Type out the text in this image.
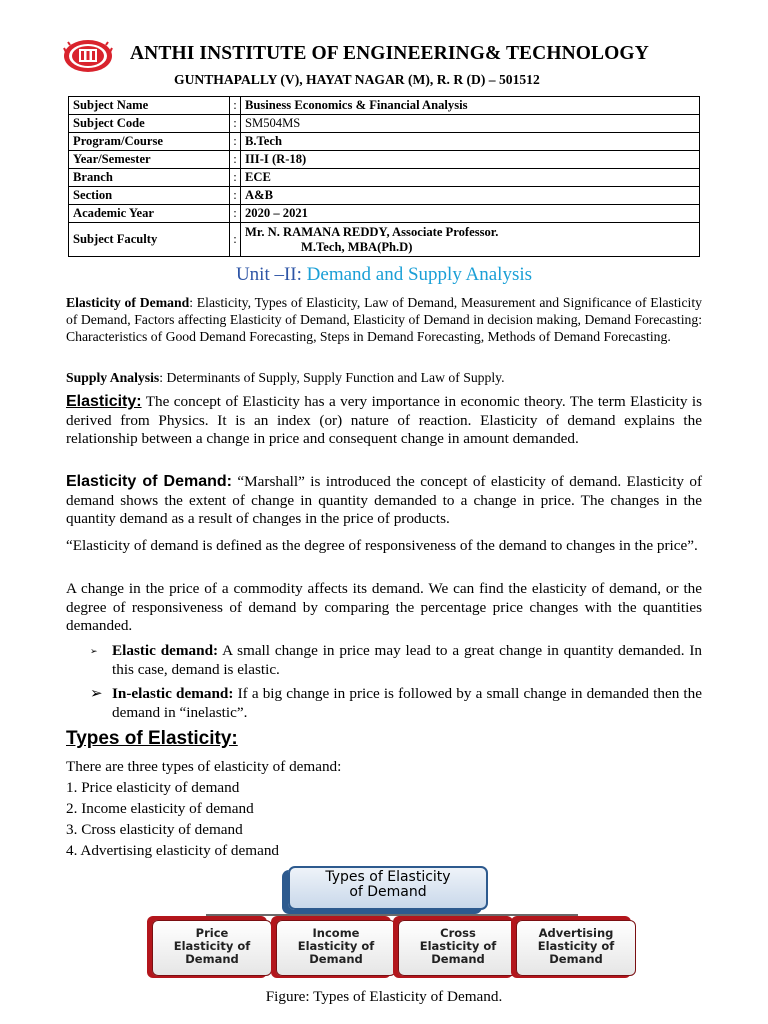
ANTHI INSTITUTE OF ENGINEERING& TECHNOLOGY
GUNTHAPALLY (V), HAYAT NAGAR (M), R. R (D) – 501512
Subject Name	:	Business Economics & Financial Analysis
Subject Code	:	SM504MS
Program/Course	:	B.Tech
Year/Semester	:	III-I (R-18)
Branch	:	ECE
Section	:	A&B
Academic Year	:	2020 – 2021
Subject Faculty	:	Mr. N. RAMANA REDDY, Associate Professor.
M.Tech, MBA(Ph.D)
Unit –II: Demand and Supply Analysis
Elasticity of Demand: Elasticity, Types of Elasticity, Law of Demand, Measurement and Significance of Elasticity of Demand, Factors affecting Elasticity of Demand, Elasticity of Demand in decision making, Demand Forecasting: Characteristics of Good Demand Forecasting, Steps in Demand Forecasting, Methods of Demand Forecasting.
Supply Analysis: Determinants of Supply, Supply Function and Law of Supply.
Elasticity: The concept of Elasticity has a very importance in economic theory. The term Elasticity is derived from Physics. It is an index (or) nature of reaction. Elasticity of demand explains the relationship between a change in price and consequent change in amount demanded.
Elasticity of Demand: “Marshall” is introduced the concept of elasticity of demand. Elasticity of demand shows the extent of change in quantity demanded to a change in price. The changes in the quantity demand as a result of changes in the price of products.
“Elasticity of demand is defined as the degree of responsiveness of the demand to changes in the price”.
A change in the price of a commodity affects its demand. We can find the elasticity of demand, or the degree of responsiveness of demand by comparing the percentage price changes with the quantities demanded.
➢ Elastic demand: A small change in price may lead to a great change in quantity demanded. In this case, demand is elastic.
➢ In-elastic demand: If a big change in price is followed by a small change in demanded then the demand in “inelastic”.
Types of Elasticity:
There are three types of elasticity of demand:
1. Price elasticity of demand
2. Income elasticity of demand
3. Cross elasticity of demand
4. Advertising elasticity of demand
Types of Elasticity
of Demand
Price
Elasticity of
Demand
Income
Elasticity of
Demand
Cross
Elasticity of
Demand
Advertising
Elasticity of
Demand
Figure: Types of Elasticity of Demand.
